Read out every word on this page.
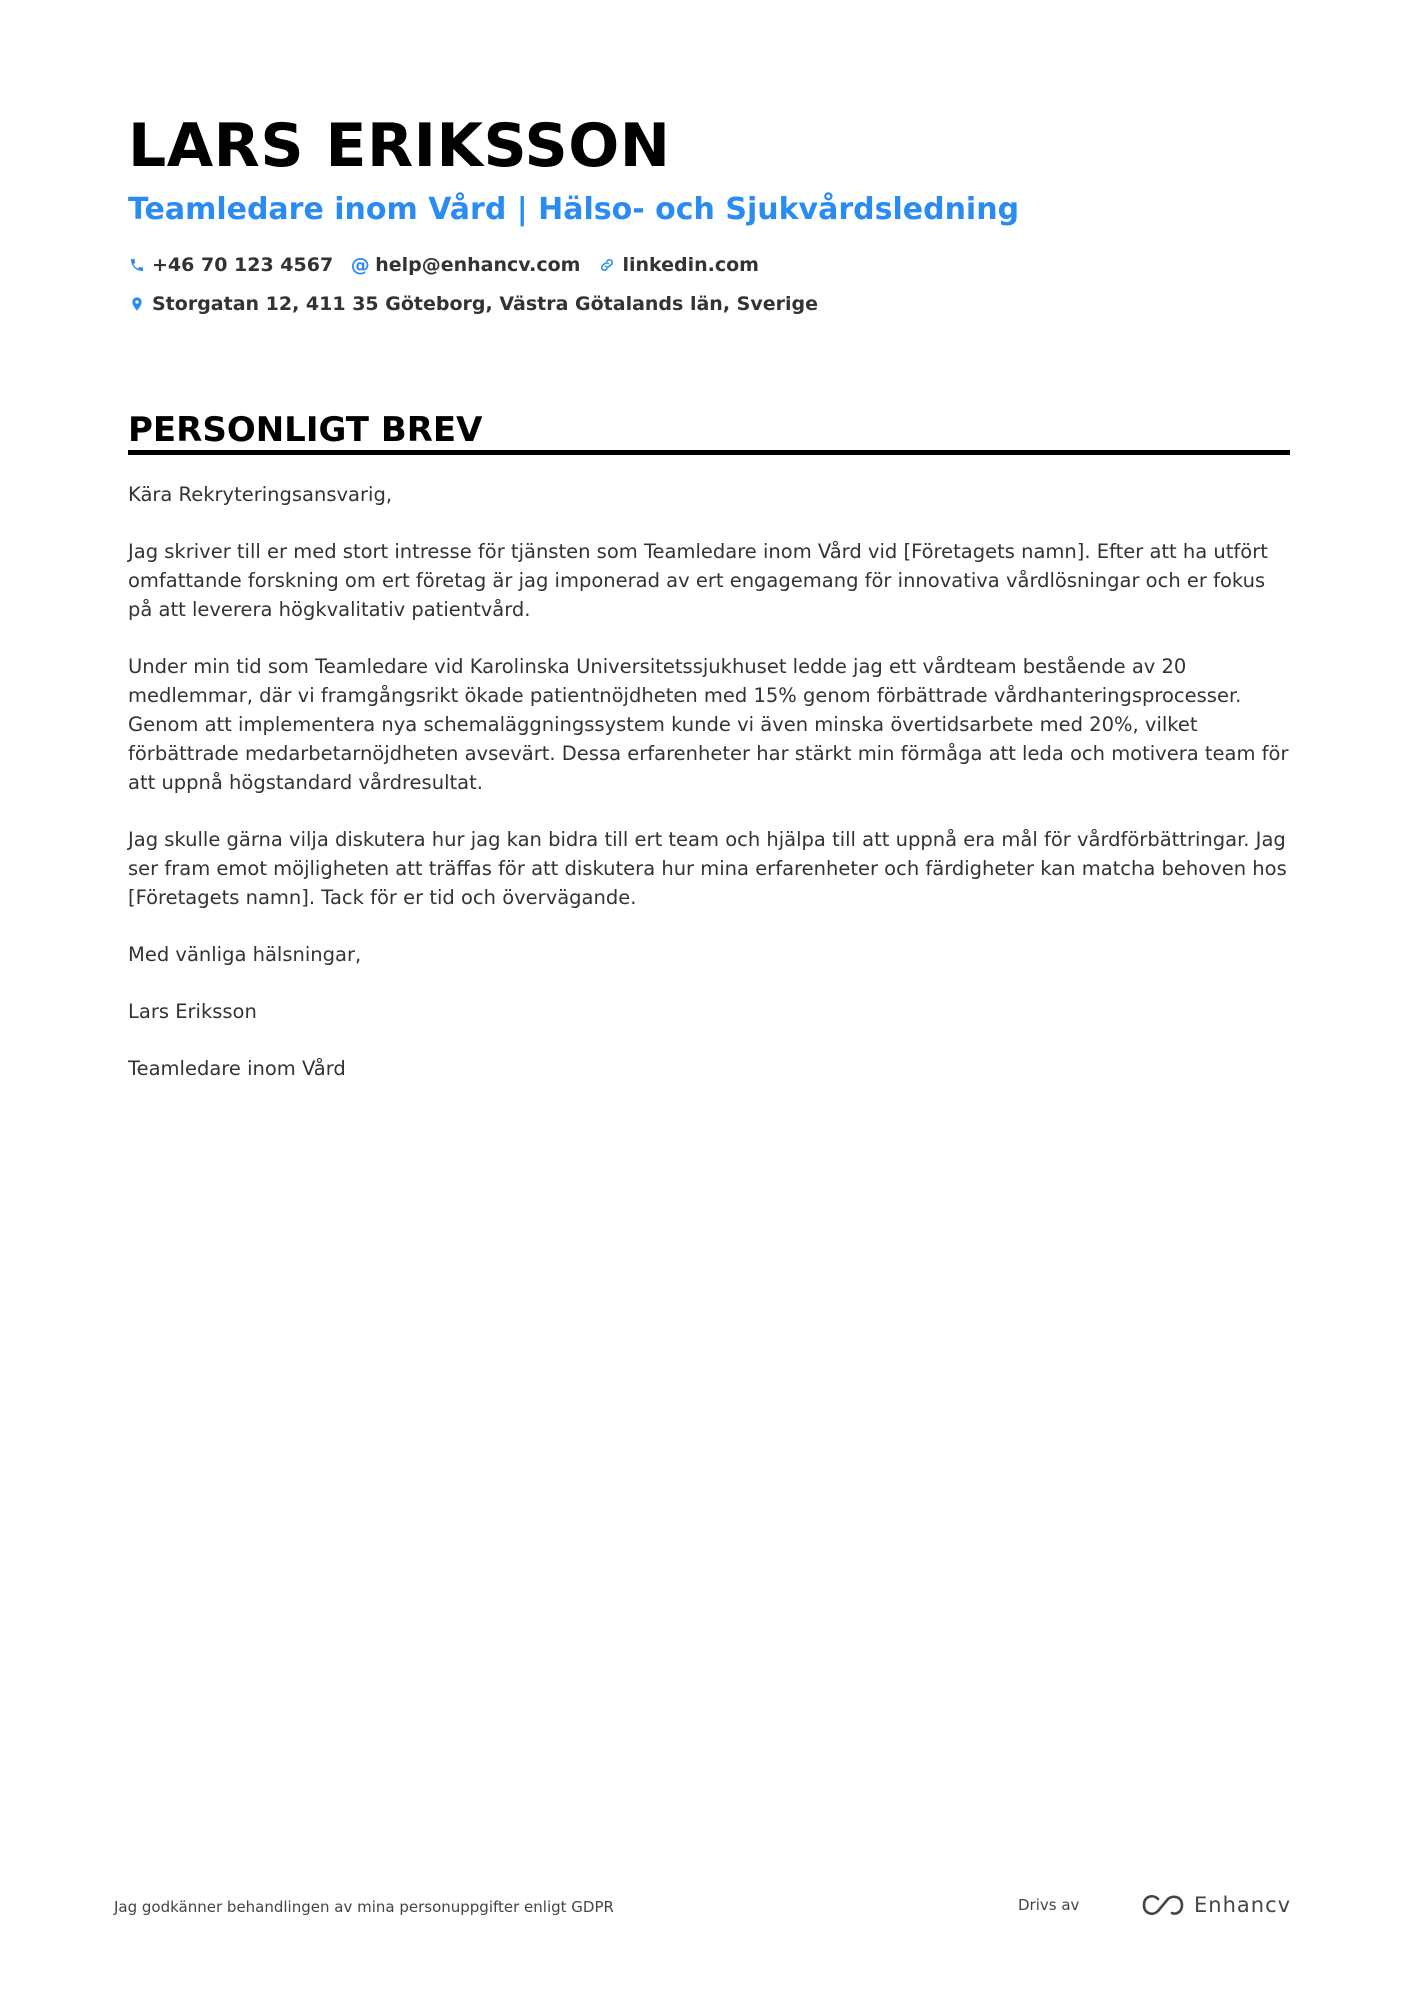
LARS ERIKSSON
Teamledare inom Vård | Hälso- och Sjukvårdsledning
+46 70 123 4567 @ help@enhancv.com linkedin.com
Storgatan 12, 411 35 Göteborg, Västra Götalands län, Sverige
PERSONLIGT BREV

Kära Rekryteringsansvarig,

Jag skriver till er med stort intresse för tjänsten som Teamledare inom Vård vid [Företagets namn]. Efter att ha utfört omfattande forskning om ert företag är jag imponerad av ert engagemang för innovativa vårdlösningar och er fokus på att leverera högkvalitativ patientvård.

Under min tid som Teamledare vid Karolinska Universitetssjukhuset ledde jag ett vårdteam bestående av 20 medlemmar, där vi framgångsrikt ökade patientnöjdheten med 15% genom förbättrade vårdhanteringsprocesser. Genom att implementera nya schemaläggningssystem kunde vi även minska övertidsarbete med 20%, vilket förbättrade medarbetarnöjdheten avsevärt. Dessa erfarenheter har stärkt min förmåga att leda och motivera team för att uppnå högstandard vårdresultat.

Jag skulle gärna vilja diskutera hur jag kan bidra till ert team och hjälpa till att uppnå era mål för vårdförbättringar. Jag ser fram emot möjligheten att träffas för att diskutera hur mina erfarenheter och färdigheter kan matcha behoven hos [Företagets namn]. Tack för er tid och övervägande.

Med vänliga hälsningar,

Lars Eriksson

Teamledare inom Vård

Jag godkänner behandlingen av mina personuppgifter enligt GDPR	Drivs av	Enhancv
